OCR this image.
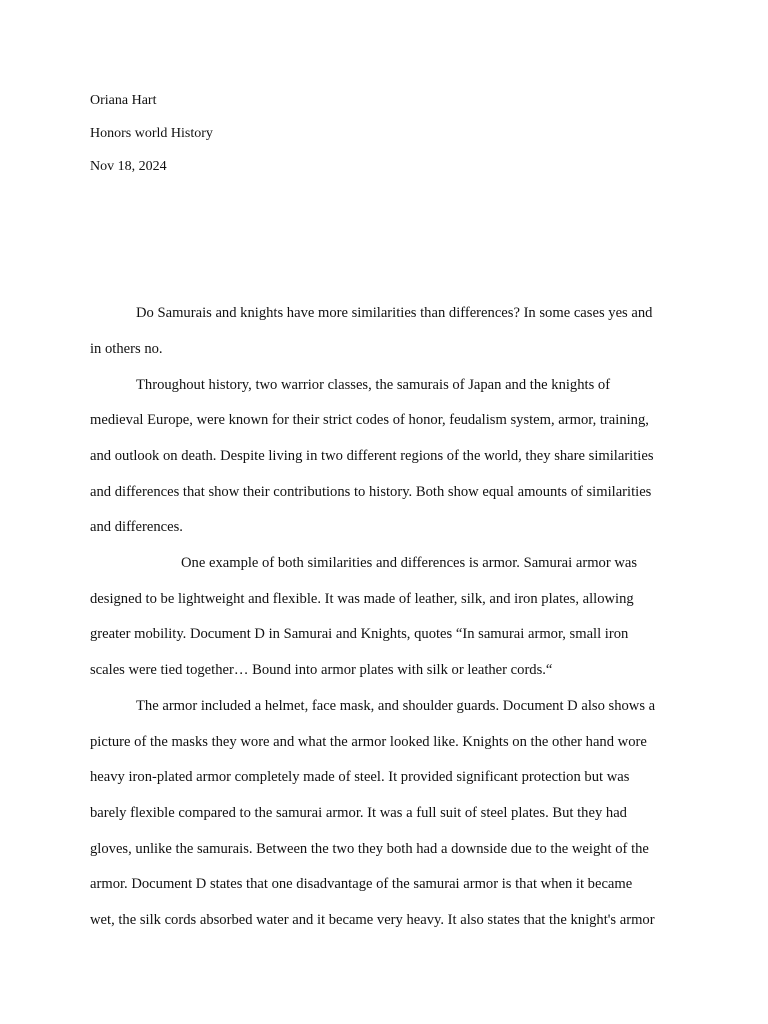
Oriana Hart

Honors world History

Nov 18, 2024

Do Samurais and knights have more similarities than differences? In some cases yes and

in others no.

Throughout history, two warrior classes, the samurais of Japan and the knights of

medieval Europe, were known for their strict codes of honor, feudalism system, armor, training,

and outlook on death. Despite living in two different regions of the world, they share similarities

and differences that show their contributions to history. Both show equal amounts of similarities

and differences.

One example of both similarities and differences is armor. Samurai armor was

designed to be lightweight and flexible. It was made of leather, silk, and iron plates, allowing

greater mobility. Document D in Samurai and Knights, quotes “In samurai armor, small iron

scales were tied together… Bound into armor plates with silk or leather cords.“

The armor included a helmet, face mask, and shoulder guards. Document D also shows a

picture of the masks they wore and what the armor looked like. Knights on the other hand wore

heavy iron-plated armor completely made of steel. It provided significant protection but was

barely flexible compared to the samurai armor. It was a full suit of steel plates. But they had

gloves, unlike the samurais. Between the two they both had a downside due to the weight of the

armor. Document D states that one disadvantage of the samurai armor is that when it became

wet, the silk cords absorbed water and it became very heavy. It also states that the knight's armor
